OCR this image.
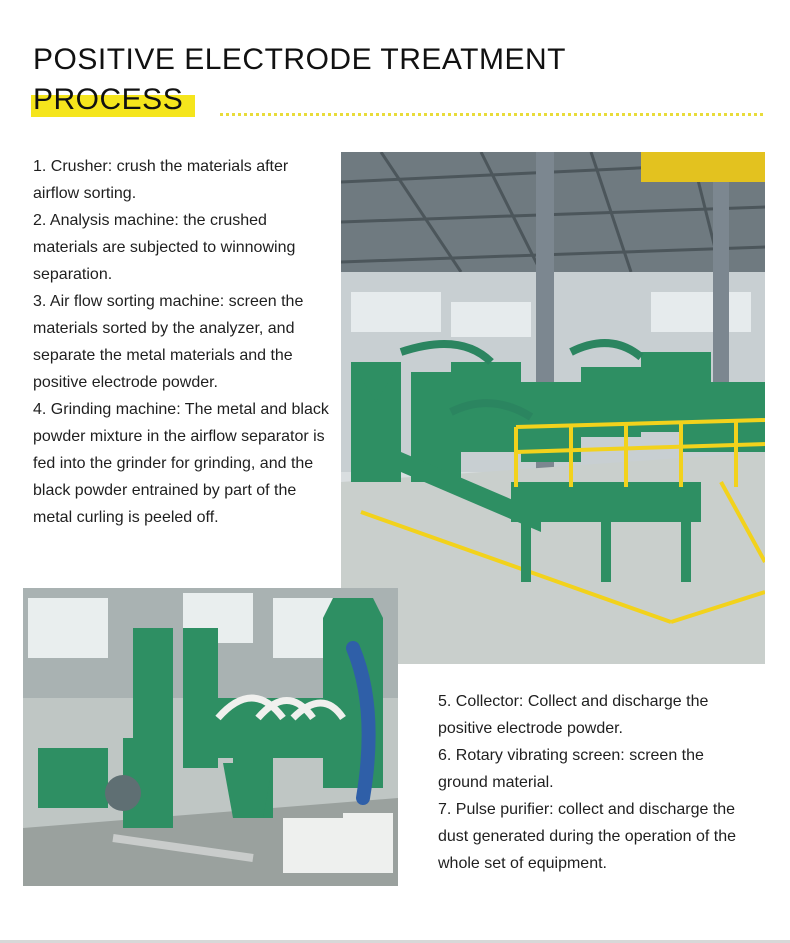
POSITIVE ELECTRODE TREATMENT
PROCESS

1. Crusher: crush the materials after airflow sorting.

2. Analysis machine: the crushed materials are subjected to winnowing separation.

3. Air flow sorting machine: screen the materials sorted by the analyzer, and separate the metal materials and the positive electrode powder.

4. Grinding machine: The metal and black powder mixture in the airflow separator is fed into the grinder for grinding, and the black powder entrained by part of the metal curling is peeled off.

5. Collector: Collect and discharge the positive electrode powder.

6. Rotary vibrating screen: screen the ground material.

7. Pulse purifier: collect and discharge the dust generated during the operation of the whole set of equipment.
